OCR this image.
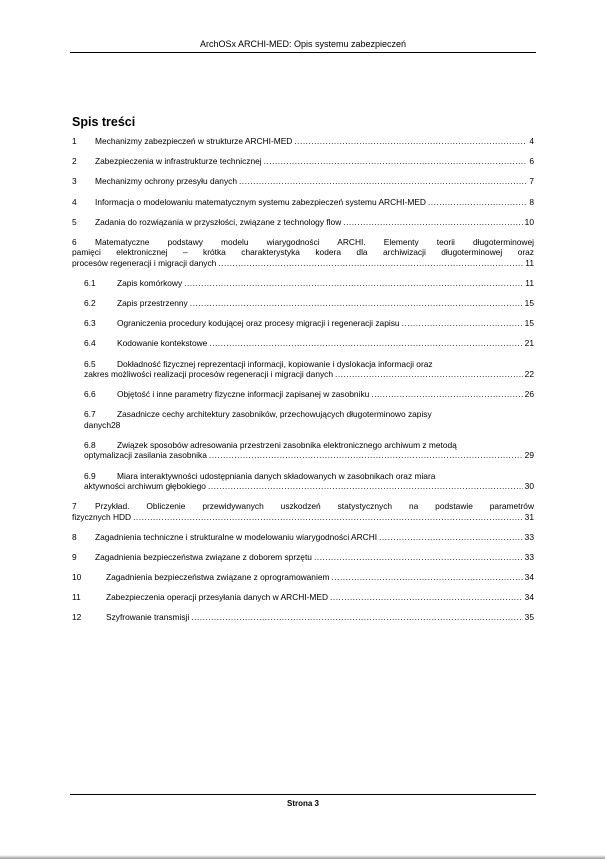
ArchOSx ARCHI-MED: Opis systemu zabezpieczeń
Spis treści
1 Mechanizmy zabezpieczeń w strukturze ARCHI-MED .....	4
2 Zabezpieczenia w infrastrukturze technicznej .....	6
3 Mechanizmy ochrony przesyłu danych .....	7
4 Informacja o modelowaniu matematycznym systemu zabezpieczeń systemu ARCHI-MED .....	8
5 Zadania do rozwiązania w przyszłości, związane z technology flow .....	10
6	Matematyczne podstawy modelu wiarygodności ARCHI. Elementy teorii długoterminowej
pamięci elektronicznej – krótka charakterystyka kodera dla archiwizacji długoterminowej oraz
procesów regeneracji i migracji danych .....	11
6.1	Zapis komórkowy .....	11
6.2	Zapis przestrzenny .....	15
6.3	Ograniczenia procedury kodującej oraz procesy migracji i regeneracji zapisu .....	15
6.4	Kodowanie kontekstowe .....	21
6.5	Dokładność fizycznej reprezentacji informacji, kopiowanie i dyslokacja informacji oraz
zakres możliwości realizacji procesów regeneracji i migracji danych .....	22
6.6	Objętość i inne parametry fizyczne informacji zapisanej w zasobniku .....	26
6.7	Zasadnicze cechy architektury zasobników, przechowujących długoterminowo zapisy
danych28
6.8	Związek sposobów adresowania przestrzeni zasobnika elektronicznego archiwum z metodą
optymalizacji zasilania zasobnika .....	29
6.9	Miara interaktywności udostępniania danych składowanych w zasobnikach oraz miara
aktywności archiwum głębokiego .....	30
7	Przykład. Obliczenie przewidywanych uszkodzeń statystycznych na podstawie parametrów
fizycznych HDD .....	31
8 Zagadnienia techniczne i strukturalne w modelowaniu wiarygodności ARCHI .....	33
9 Zagadnienia bezpieczeństwa związane z doborem sprzętu .....	33
10	Zagadnienia bezpieczeństwa związane z oprogramowaniem .....	34
11	Zabezpieczenia operacji przesyłania danych w ARCHI-MED .....	34
12	Szyfrowanie transmisji .....	35
Strona 3
